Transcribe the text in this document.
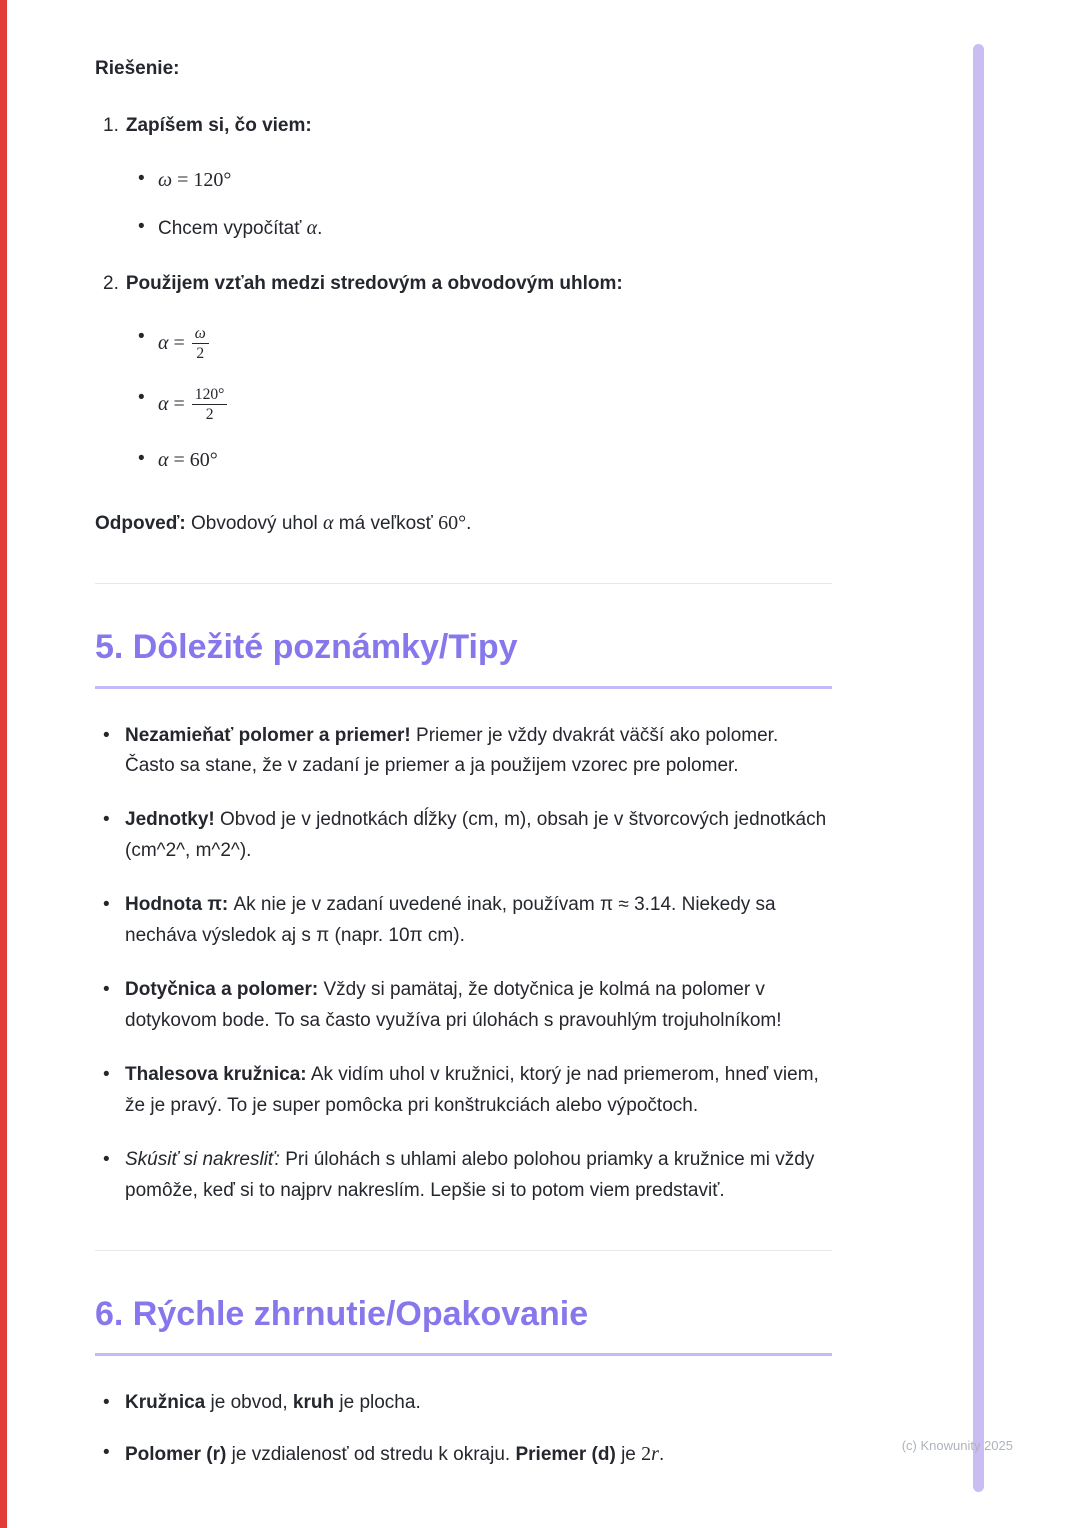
Riešenie:

1. Zapíšem si, čo viem:

• ω = 120°
• Chcem vypočítať α.

2. Použijem vzťah medzi stredovým a obvodovým uhlom:

• $\alpha = \frac{\omega}{2}$
• $\alpha = \frac{120^\circ}{2}$
• α = 60°

Odpoveď: Obvodový uhol α má veľkosť 60°.

5. Dôležité poznámky/Tipy
• Nezamieňať polomer a priemer! Priemer je vždy dvakrát väčší ako polomer. Často sa stane, že v zadaní je priemer a ja použijem vzorec pre polomer.
• Jednotky! Obvod je v jednotkách dĺžky (cm, m), obsah je v štvorcových jednotkách (cm^2^, m^2^).
• Hodnota π: Ak nie je v zadaní uvedené inak, používam π ≈ 3.14. Niekedy sa necháva výsledok aj s π (napr. 10π cm).
• Dotyčnica a polomer: Vždy si pamätaj, že dotyčnica je kolmá na polomer v dotykovom bode. To sa často využíva pri úlohách s pravouhlým trojuholníkom!
• Thalesova kružnica: Ak vidím uhol v kružnici, ktorý je nad priemerom, hneď viem, že je pravý. To je super pomôcka pri konštrukciách alebo výpočtoch.
• Skúsiť si nakresliť: Pri úlohách s uhlami alebo polohou priamky a kružnice mi vždy pomôže, keď si to najprv nakreslím. Lepšie si to potom viem predstaviť.
6. Rýchle zhrnutie/Opakovanie
• Kružnica je obvod, kruh je plocha.
• Polomer (r) je vzdialenosť od stredu k okraju. Priemer (d) je 2r.	(c) Knowunity 2025
